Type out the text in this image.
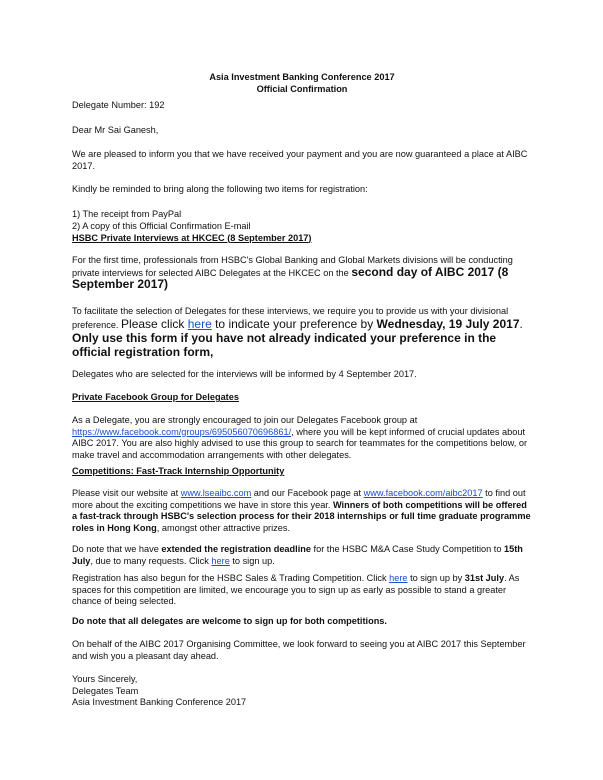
Asia Investment Banking Conference 2017
Official Confirmation

Delegate Number: 192

Dear Mr Sai Ganesh,

We are pleased to inform you that we have received your payment and you are now guaranteed a place at AIBC 2017.

Kindly be reminded to bring along the following two items for registration:

1) The receipt from PayPal
2) A copy of this Official Confirmation E-mail

HSBC Private Interviews at HKCEC (8 September 2017)

For the first time, professionals from HSBC's Global Banking and Global Markets divisions will be conducting private interviews for selected AIBC Delegates at the HKCEC on the second day of AIBC 2017 (8 September 2017)

To facilitate the selection of Delegates for these interviews, we require you to provide us with your divisional preference. Please click here to indicate your preference by Wednesday, 19 July 2017. Only use this form if you have not already indicated your preference in the official registration form,

Delegates who are selected for the interviews will be informed by 4 September 2017.

Private Facebook Group for Delegates

As a Delegate, you are strongly encouraged to join our Delegates Facebook group at https://www.facebook.com/groups/695056070696861/, where you will be kept informed of crucial updates about AIBC 2017. You are also highly advised to use this group to search for teammates for the competitions below, or make travel and accommodation arrangements with other delegates.

Competitions: Fast-Track Internship Opportunity

Please visit our website at www.lseaibc.com and our Facebook page at www.facebook.com/aibc2017 to find out more about the exciting competitions we have in store this year. Winners of both competitions will be offered a fast-track through HSBC's selection process for their 2018 internships or full time graduate programme roles in Hong Kong, amongst other attractive prizes.

Do note that we have extended the registration deadline for the HSBC M&A Case Study Competition to 15th July, due to many requests. Click here to sign up.

Registration has also begun for the HSBC Sales & Trading Competition. Click here to sign up by 31st July. As spaces for this competition are limited, we encourage you to sign up as early as possible to stand a greater chance of being selected.

Do note that all delegates are welcome to sign up for both competitions.

On behalf of the AIBC 2017 Organising Committee, we look forward to seeing you at AIBC 2017 this September and wish you a pleasant day ahead.

Yours Sincerely,
Delegates Team
Asia Investment Banking Conference 2017
